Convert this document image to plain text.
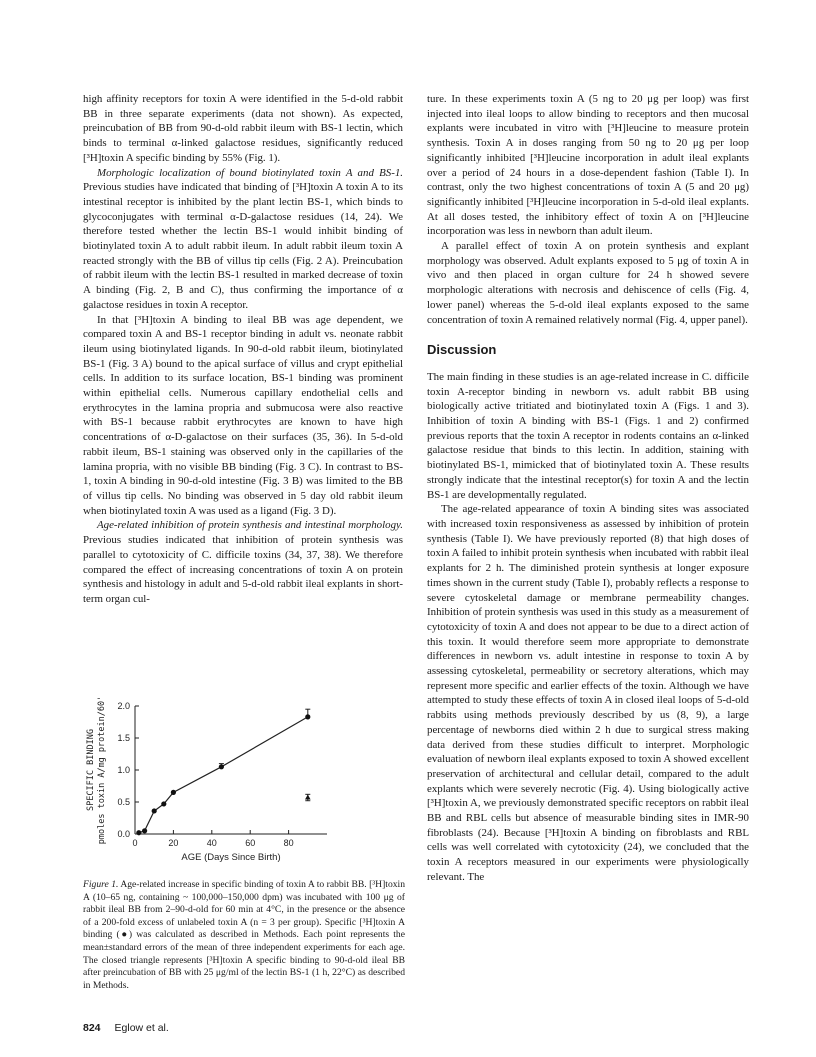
high affinity receptors for toxin A were identified in the 5-d-old rabbit BB in three separate experiments (data not shown). As expected, preincubation of BB from 90-d-old rabbit ileum with BS-1 lectin, which binds to terminal α-linked galactose residues, significantly reduced [³H]toxin A specific binding by 55% (Fig. 1).

Morphologic localization of bound biotinylated toxin A and BS-1. Previous studies have indicated that binding of [³H]toxin A toxin A to its intestinal receptor is inhibited by the plant lectin BS-1, which binds to glycoconjugates with terminal α-D-galactose residues (14, 24). We therefore tested whether the lectin BS-1 would inhibit binding of biotinylated toxin A to adult rabbit ileum. In adult rabbit ileum toxin A reacted strongly with the BB of villus tip cells (Fig. 2 A). Preincubation of rabbit ileum with the lectin BS-1 resulted in marked decrease of toxin A binding (Fig. 2, B and C), thus confirming the importance of α galactose residues in toxin A receptor.

In that [³H]toxin A binding to ileal BB was age dependent, we compared toxin A and BS-1 receptor binding in adult vs. neonate rabbit ileum using biotinylated ligands. In 90-d-old rabbit ileum, biotinylated BS-1 (Fig. 3 A) bound to the apical surface of villus and crypt epithelial cells. In addition to its surface location, BS-1 binding was prominent within epithelial cells. Numerous capillary endothelial cells and erythrocytes in the lamina propria and submucosa were also reactive with BS-1 because rabbit erythrocytes are known to have high concentrations of α-D-galactose on their surfaces (35, 36). In 5-d-old rabbit ileum, BS-1 staining was observed only in the capillaries of the lamina propria, with no visible BB binding (Fig. 3 C). In contrast to BS-1, toxin A binding in 90-d-old intestine (Fig. 3 B) was limited to the BB of villus tip cells. No binding was observed in 5 day old rabbit ileum when biotinylated toxin A was used as a ligand (Fig. 3 D).

Age-related inhibition of protein synthesis and intestinal morphology. Previous studies indicated that inhibition of protein synthesis was parallel to cytotoxicity of C. difficile toxins (34, 37, 38). We therefore compared the effect of increasing concentrations of toxin A on protein synthesis and histology in adult and 5-d-old rabbit ileal explants in short-term organ cul-

ture. In these experiments toxin A (5 ng to 20 μg per loop) was first injected into ileal loops to allow binding to receptors and then mucosal explants were incubated in vitro with [³H]leucine to measure protein synthesis. Toxin A in doses ranging from 50 ng to 20 μg per loop significantly inhibited [³H]leucine incorporation in adult ileal explants over a period of 24 hours in a dose-dependent fashion (Table I). In contrast, only the two highest concentrations of toxin A (5 and 20 μg) significantly inhibited [³H]leucine incorporation in 5-d-old ileal explants. At all doses tested, the inhibitory effect of toxin A on [³H]leucine incorporation was less in newborn than adult ileum.

A parallel effect of toxin A on protein synthesis and explant morphology was observed. Adult explants exposed to 5 μg of toxin A in vivo and then placed in organ culture for 24 h showed severe morphologic alterations with necrosis and dehiscence of cells (Fig. 4, lower panel) whereas the 5-d-old ileal explants exposed to the same concentration of toxin A remained relatively normal (Fig. 4, upper panel).

Discussion

The main finding in these studies is an age-related increase in C. difficile toxin A-receptor binding in newborn vs. adult rabbit BB using biologically active tritiated and biotinylated toxin A (Figs. 1 and 3). Inhibition of toxin A binding with BS-1 (Figs. 1 and 2) confirmed previous reports that the toxin A receptor in rodents contains an α-linked galactose residue that binds to this lectin. In addition, staining with biotinylated BS-1, mimicked that of biotinylated toxin A. These results strongly indicate that the intestinal receptor(s) for toxin A and the lectin BS-1 are developmentally regulated.

The age-related appearance of toxin A binding sites was associated with increased toxin responsiveness as assessed by inhibition of protein synthesis (Table I). We have previously reported (8) that high doses of toxin A failed to inhibit protein synthesis when incubated with rabbit ileal explants for 2 h. The diminished protein synthesis at longer exposure times shown in the current study (Table I), probably reflects a response to severe cytoskeletal damage or membrane permeability changes. Inhibition of protein synthesis was used in this study as a measurement of cytotoxicity of toxin A and does not appear to be due to a direct action of this toxin. It would therefore seem more appropriate to demonstrate differences in newborn vs. adult intestine in response to toxin A by assessing cytoskeletal, permeability or secretory alterations, which may represent more specific and earlier effects of the toxin. Although we have attempted to study these effects of toxin A in closed ileal loops of 5-d-old rabbits using methods previously described by us (8, 9), a large percentage of newborns died within 2 h due to surgical stress making data derived from these studies difficult to interpret. Morphologic evaluation of newborn ileal explants exposed to toxin A showed excellent preservation of architectural and cellular detail, compared to the adult explants which were severely necrotic (Fig. 4). Using biologically active [³H]toxin A, we previously demonstrated specific receptors on rabbit ileal BB and RBL cells but absence of measurable binding sites in IMR-90 fibroblasts (24). Because [³H]toxin A binding on fibroblasts and RBL cells was well correlated with cytotoxicity (24), we concluded that the toxin A receptors measured in our experiments were physiologically relevant. The

0.0
0.5
1.0
1.5
2.0
0	20	40	60	80
SPECIFIC BINDING pmoles toxin A/mg protein/60'
AGE (Days Since Birth)

Figure 1. Age-related increase in specific binding of toxin A to rabbit BB. [³H]toxin A (10–65 ng, containing ~ 100,000–150,000 dpm) was incubated with 100 μg of rabbit ileal BB from 2–90-d-old for 60 min at 4°C, in the presence or the absence of a 200-fold excess of unlabeled toxin A (n = 3 per group). Specific [³H]toxin A binding (●) was calculated as described in Methods. Each point represents the mean±standard errors of the mean of three independent experiments for each age. The closed triangle represents [³H]toxin A specific binding to 90-d-old ileal BB after preincubation of BB with 25 μg/ml of the lectin BS-1 (1 h, 22°C) as described in Methods.

824 Eglow et al.
